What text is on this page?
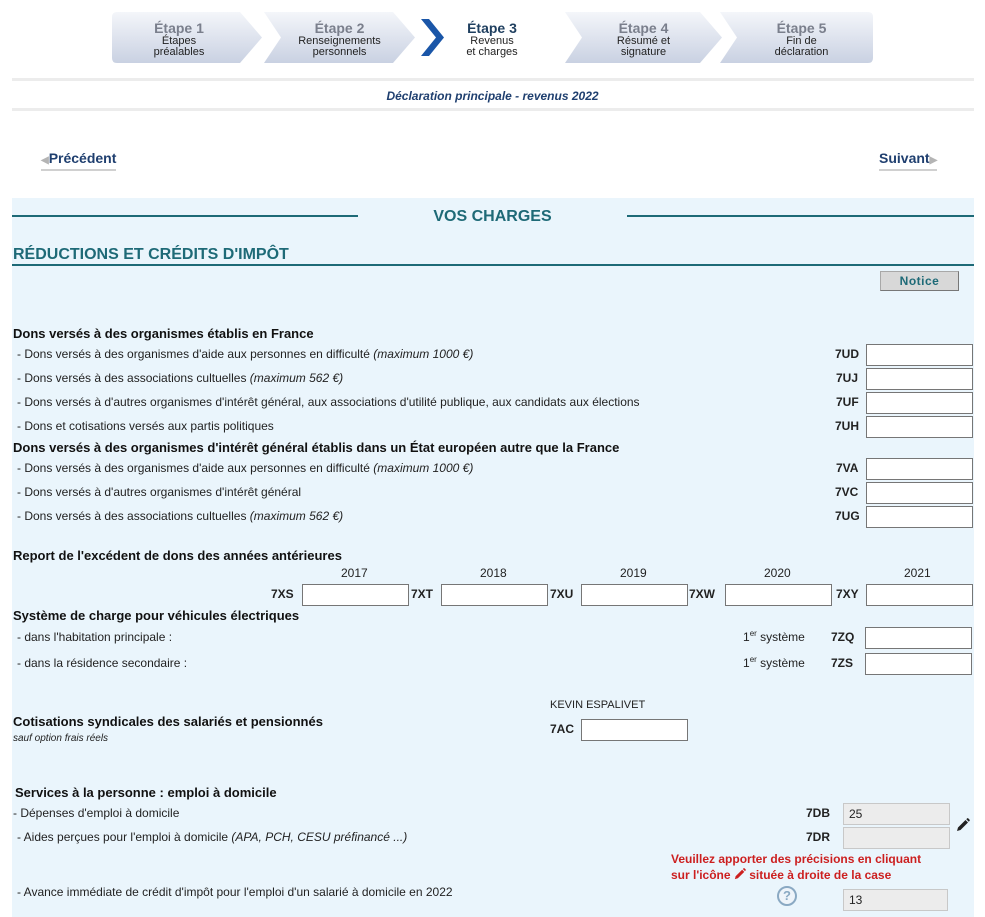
Étape 1
Étapes
préalables
Étape 2
Renseignements
personnels
Étape 3
Revenus
et charges
Étape 4
Résumé et
signature
Étape 5
Fin de
déclaration
Déclaration principale - revenus 2022
◀Précédent	Suivant▶
VOS CHARGES
RÉDUCTIONS ET CRÉDITS D'IMPÔT
Notice
Dons versés à des organismes établis en France
- Dons versés à des organismes d'aide aux personnes en difficulté (maximum 1000 €)	7UD
- Dons versés à des associations cultuelles (maximum 562 €)	7UJ
- Dons versés à d'autres organismes d'intérêt général, aux associations d'utilité publique, aux candidats aux élections	7UF
- Dons et cotisations versés aux partis politiques	7UH
Dons versés à des organismes d'intérêt général établis dans un État européen autre que la France
- Dons versés à des organismes d'aide aux personnes en difficulté (maximum 1000 €)	7VA
- Dons versés à d'autres organismes d'intérêt général	7VC
- Dons versés à des associations cultuelles (maximum 562 €)	7UG
Report de l'excédent de dons des années antérieures
2017	2018	2019	2020	2021
7XS	7XT	7XU	7XW	7XY
Système de charge pour véhicules électriques
- dans l'habitation principale :	1er système 7ZQ
- dans la résidence secondaire :	1er système 7ZS
KEVIN ESPALIVET
Cotisations syndicales des salariés et pensionnés
sauf option frais réels
7AC
Services à la personne : emploi à domicile
- Dépenses d'emploi à domicile	7DB	25
- Aides perçues pour l'emploi à domicile (APA, PCH, CESU préfinancé ...)	7DR
Veuillez apporter des précisions en cliquant
sur l'icône  située à droite de la case
- Avance immédiate de crédit d'impôt pour l'emploi d'un salarié à domicile en 2022	?	13
